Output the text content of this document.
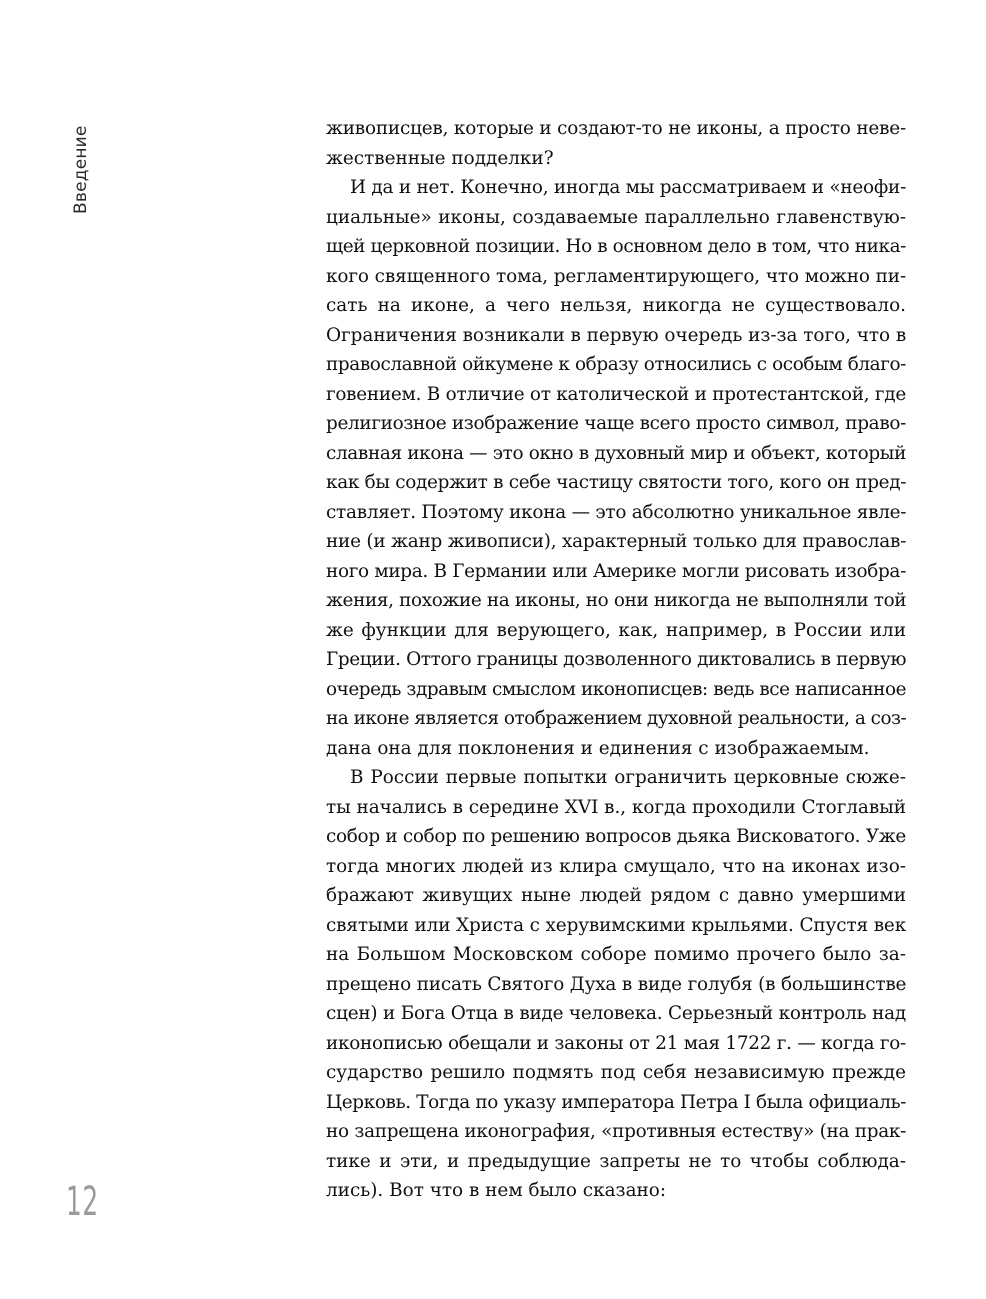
Введение	живописцев, которые и создают-то не иконы, а просто неве-
жественные подделки?

И да и нет. Конечно, иногда мы рассматриваем и «неофи-
циальные» иконы, создаваемые параллельно главенствую-
щей церковной позиции. Но в основном дело в том, что ника-
кого священного тома, регламентирующего, что можно пи-
сать на иконе, а чего нельзя, никогда не существовало.
Ограничения возникали в первую очередь из-за того, что в
православной ойкумене к образу относились с особым благо-
говением. В отличие от католической и протестантской, где
религиозное изображение чаще всего просто символ, право-
славная икона — это окно в духовный мир и объект, который
как бы содержит в себе частицу святости того, кого он пред-
ставляет. Поэтому икона — это абсолютно уникальное явле-
ние (и жанр живописи), характерный только для православ-
ного мира. В Германии или Америке могли рисовать изобра-
жения, похожие на иконы, но они никогда не выполняли той
же функции для верующего, как, например, в России или
Греции. Оттого границы дозволенного диктовались в первую
очередь здравым смыслом иконописцев: ведь все написанное
на иконе является отображением духовной реальности, а соз-
дана она для поклонения и единения с изображаемым.

В России первые попытки ограничить церковные сюже-
ты начались в середине XVI в., когда проходили Стоглавый
собор и собор по решению вопросов дьяка Висковатого. Уже
тогда многих людей из клира смущало, что на иконах изо-
бражают живущих ныне людей рядом с давно умершими
святыми или Христа с херувимскими крыльями. Спустя век
на Большом Московском соборе помимо прочего было за-
прещено писать Святого Духа в виде голубя (в большинстве
сцен) и Бога Отца в виде человека. Серьезный контроль над
иконописью обещали и законы от 21 мая 1722 г. — когда го-
сударство решило подмять под себя независимую прежде
Церковь. Тогда по указу императора Петра I была официаль-
но запрещена иконография, «противныя естеству» (на прак-
тике и эти, и предыдущие запреты не то чтобы соблюда-
лись). Вот что в нем было сказано:

12
